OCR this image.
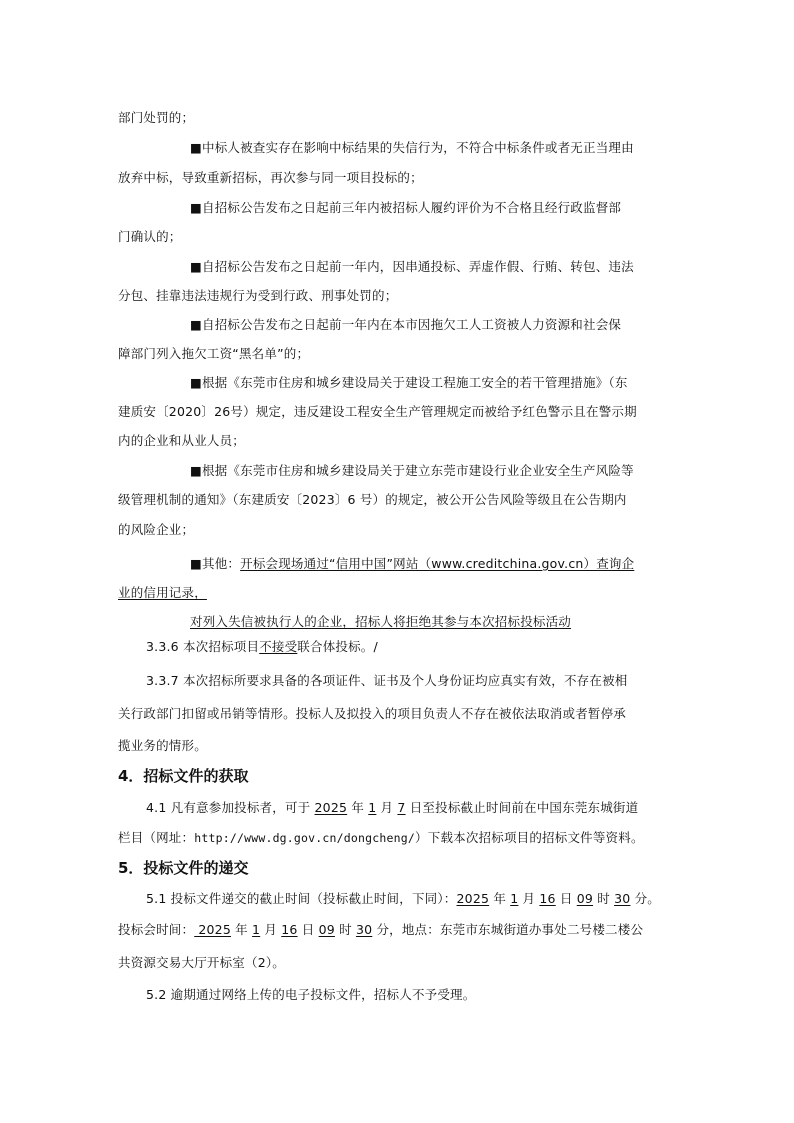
部门处罚的；
■中标人被查实存在影响中标结果的失信行为，不符合中标条件或者无正当理由
放弃中标，导致重新招标，再次参与同一项目投标的；
■自招标公告发布之日起前三年内被招标人履约评价为不合格且经行政监督部
门确认的；
■自招标公告发布之日起前一年内，因串通投标、弄虚作假、行贿、转包、违法
分包、挂靠违法违规行为受到行政、刑事处罚的；
■自招标公告发布之日起前一年内在本市因拖欠工人工资被人力资源和社会保
障部门列入拖欠工资“黑名单”的；
■根据《东莞市住房和城乡建设局关于建设工程施工安全的若干管理措施》（东
建质安〔2020〕26号）规定，违反建设工程安全生产管理规定而被给予红色警示且在警示期
内的企业和从业人员；
■根据《东莞市住房和城乡建设局关于建立东莞市建设行业企业安全生产风险等
级管理机制的通知》（东建质安〔2023〕6 号）的规定，被公开公告风险等级且在公告期内
的风险企业；
■其他：开标会现场通过“信用中国”网站（www.creditchina.gov.cn）查询企
业的信用记录，
对列入失信被执行人的企业，招标人将拒绝其参与本次招标投标活动
3.3.6 本次招标项目不接受联合体投标。/
3.3.7 本次招标所要求具备的各项证件、证书及个人身份证均应真实有效，不存在被相
关行政部门扣留或吊销等情形。投标人及拟投入的项目负责人不存在被依法取消或者暂停承
揽业务的情形。
4．招标文件的获取
4.1 凡有意参加投标者，可于 2025 年 1 月 7 日至投标截止时间前在中国东莞东城街道
栏目（网址：http://www.dg.gov.cn/dongcheng/）下载本次招标项目的招标文件等资料。
5．投标文件的递交
5.1 投标文件递交的截止时间（投标截止时间，下同）：2025 年 1 月 16 日 09 时 30 分。
投标会时间： 2025 年 1 月 16 日 09 时 30 分，地点：东莞市东城街道办事处二号楼二楼公
共资源交易大厅开标室（2）。
5.2 逾期通过网络上传的电子投标文件，招标人不予受理。
